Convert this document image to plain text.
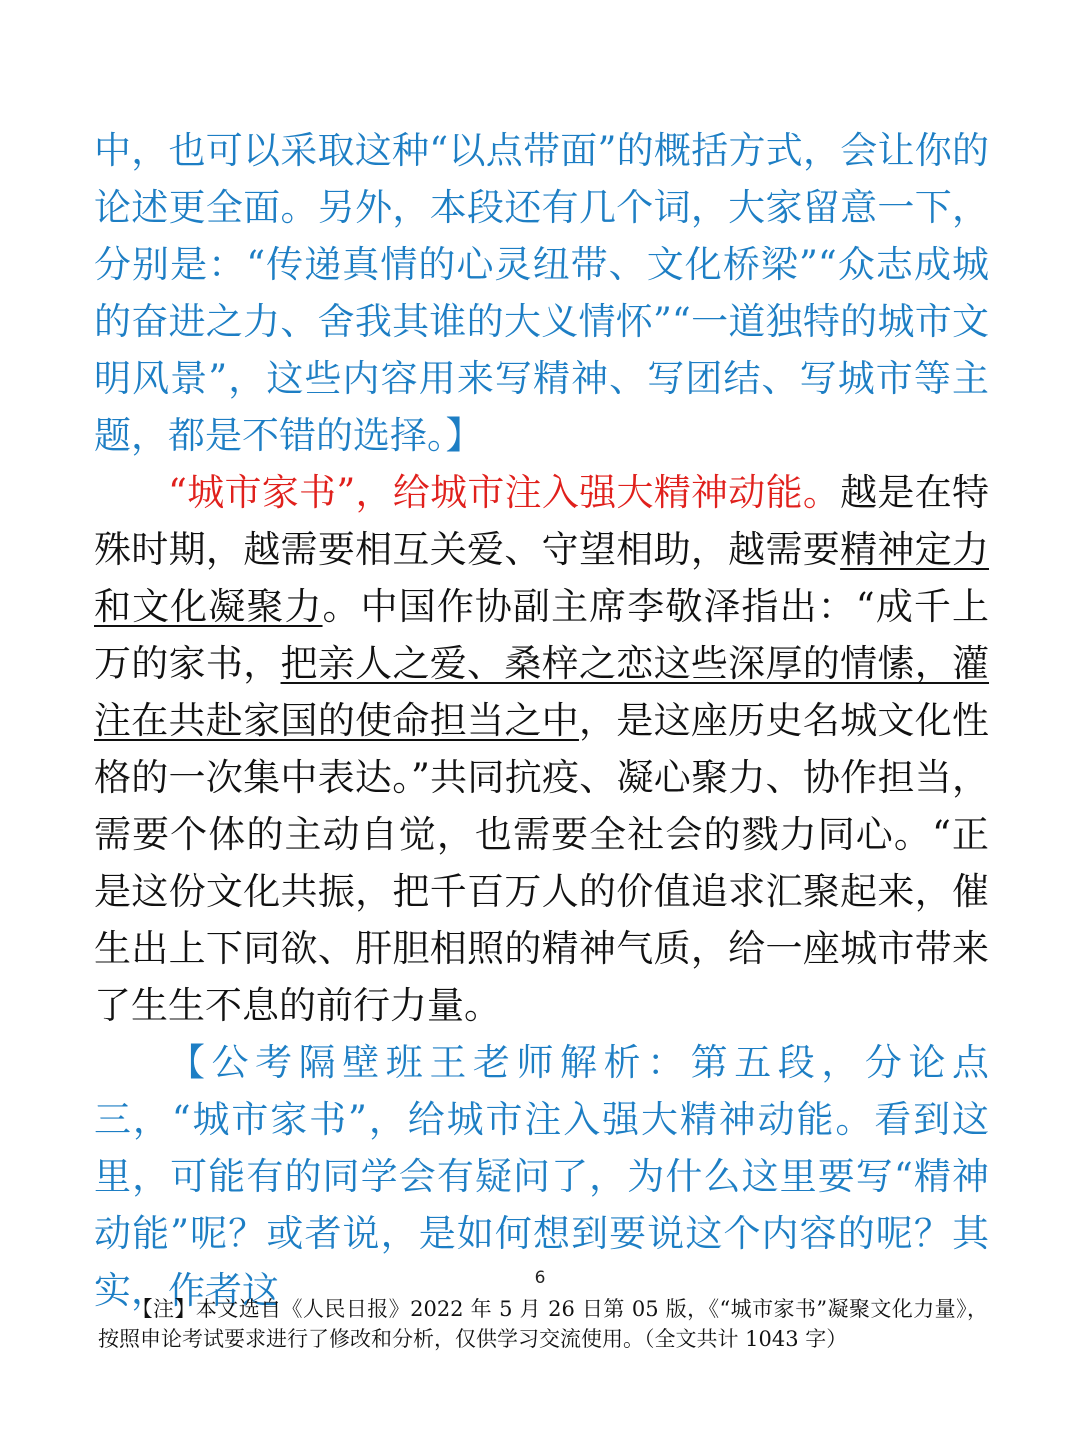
中，也可以采取这种“以点带面”的概括方式，会让你的论述更全面。另外，本段还有几个词，大家留意一下，分别是：“传递真情的心灵纽带、文化桥梁”“众志成城的奋进之力、舍我其谁的大义情怀”“一道独特的城市文明风景”，这些内容用来写精神、写团结、写城市等主题，都是不错的选择。】

“城市家书”，给城市注入强大精神动能。越是在特殊时期，越需要相互关爱、守望相助，越需要精神定力和文化凝聚力。中国作协副主席李敬泽指出：“成千上万的家书，把亲人之爱、桑梓之恋这些深厚的情愫，灌注在共赴家国的使命担当之中，是这座历史名城文化性格的一次集中表达。”共同抗疫、凝心聚力、协作担当，需要个体的主动自觉，也需要全社会的戮力同心。“正是这份文化共振，把千百万人的价值追求汇聚起来，催生出上下同欲、肝胆相照的精神气质，给一座城市带来了生生不息的前行力量。

【公考隔壁班王老师解析：第五段，分论点三，“城市家书”，给城市注入强大精神动能。看到这里，可能有的同学会有疑问了，为什么这里要写“精神动能”呢？或者说，是如何想到要说这个内容的呢？其实，作者这	6
【注】本文选自《人民日报》2022 年 5 月 26 日第 05 版，《“城市家书”凝聚文化力量》，按照申论考试要求进行了修改和分析，仅供学习交流使用。（全文共计 1043 字）
